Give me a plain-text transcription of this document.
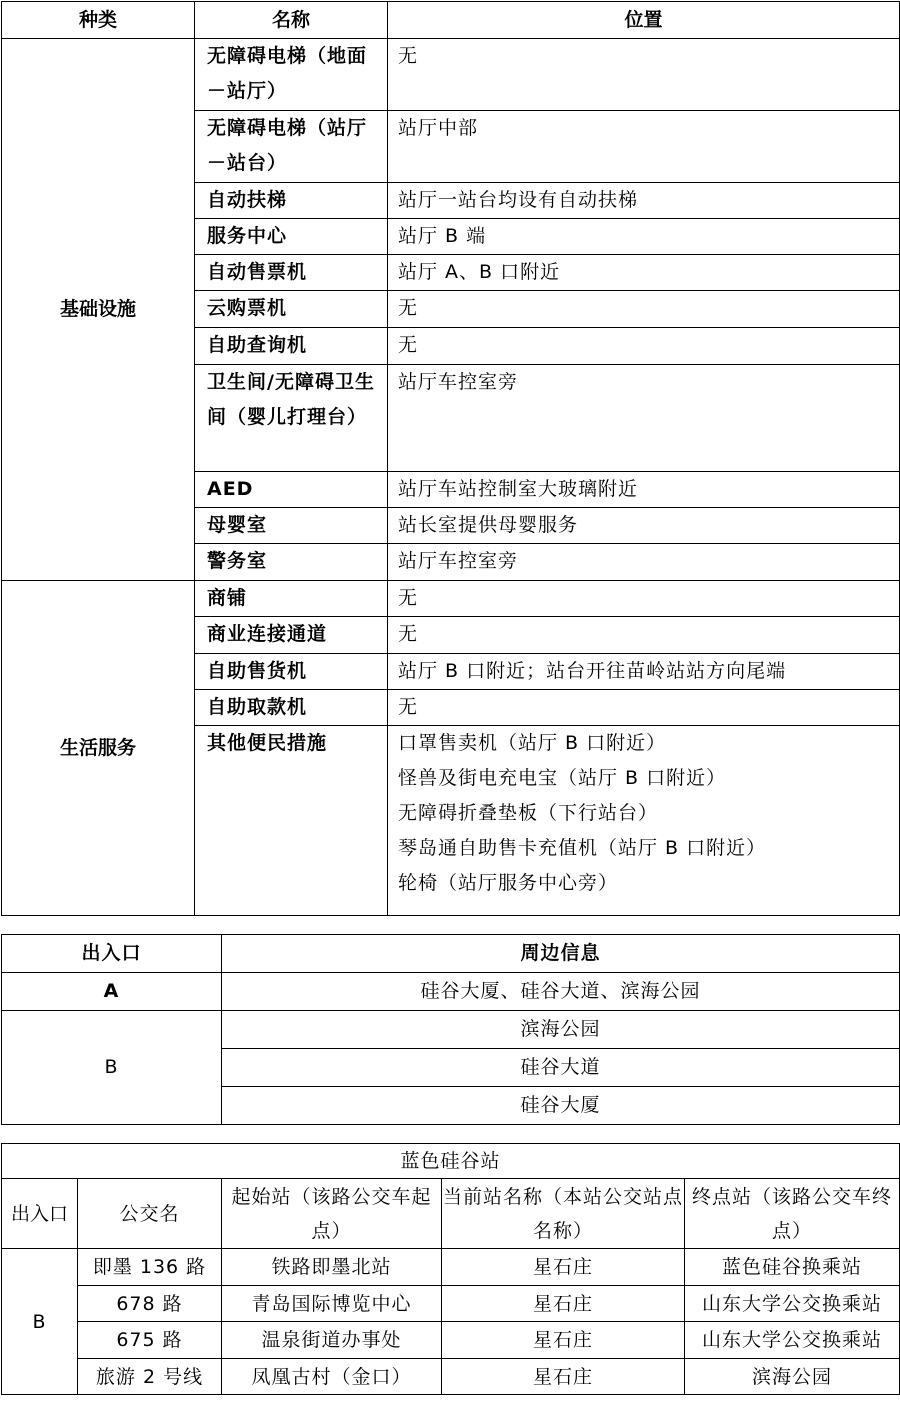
种类	名称	位置
基础设施	无障碍电梯（地面－站厅）	无
	无障碍电梯（站厅－站台）	站厅中部
	自动扶梯	站厅一站台均设有自动扶梯
	服务中心	站厅 B 端
	自动售票机	站厅 A、B 口附近
	云购票机	无
	自助查询机	无
	卫生间/无障碍卫生间（婴儿打理台）	站厅车控室旁
	AED	站厅车站控制室大玻璃附近
	母婴室	站长室提供母婴服务
	警务室	站厅车控室旁
生活服务	商铺	无
	商业连接通道	无
	自助售货机	站厅 B 口附近；站台开往苗岭站站方向尾端
	自助取款机	无
	其他便民措施	口罩售卖机（站厅 B 口附近）
怪兽及街电充电宝（站厅 B 口附近）
无障碍折叠垫板（下行站台）
琴岛通自助售卡充值机（站厅 B 口附近）
轮椅（站厅服务中心旁）
出入口	周边信息
A	硅谷大厦、硅谷大道、滨海公园
B	滨海公园
	硅谷大道
	硅谷大厦
蓝色硅谷站				
出入口	公交名	起始站（该路公交车起点）	当前站名称（本站公交站点名称）	终点站（该路公交车终点）
B	即墨 136 路	铁路即墨北站	星石庄	蓝色硅谷换乘站
	678 路	青岛国际博览中心	星石庄	山东大学公交换乘站
	675 路	温泉街道办事处	星石庄	山东大学公交换乘站
	旅游 2 号线	凤凰古村（金口）	星石庄	滨海公园
